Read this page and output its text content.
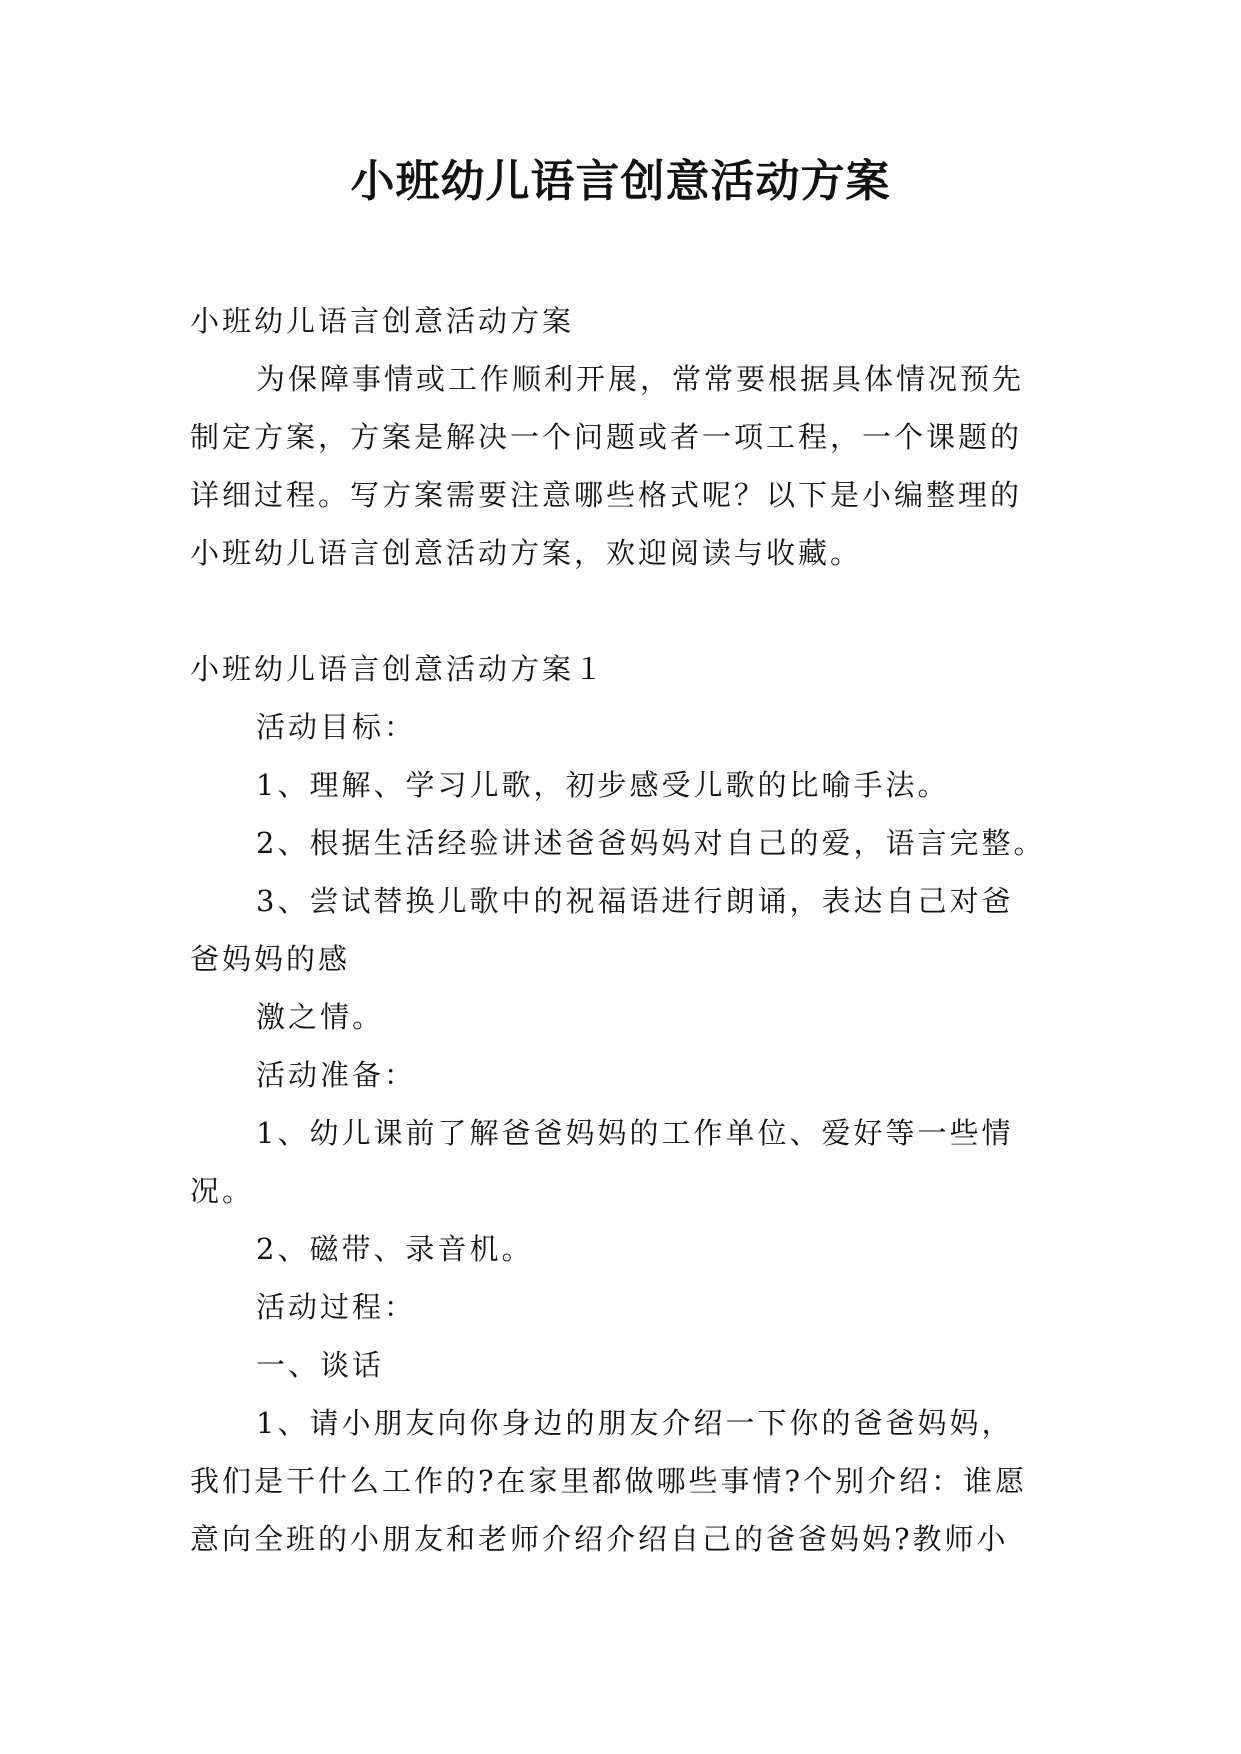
小班幼儿语言创意活动方案
小班幼儿语言创意活动方案
为保障事情或工作顺利开展，常常要根据具体情况预先
制定方案，方案是解决一个问题或者一项工程，一个课题的
详细过程。写方案需要注意哪些格式呢？以下是小编整理的
小班幼儿语言创意活动方案，欢迎阅读与收藏。
小班幼儿语言创意活动方案１
活动目标：
1、理解、学习儿歌，初步感受儿歌的比喻手法。
2、根据生活经验讲述爸爸妈妈对自己的爱，语言完整。
3、尝试替换儿歌中的祝福语进行朗诵，表达自己对爸
爸妈妈的感
激之情。
活动准备：
1、幼儿课前了解爸爸妈妈的工作单位、爱好等一些情
况。
2、磁带、录音机。
活动过程：
一、谈话
1、请小朋友向你身边的朋友介绍一下你的爸爸妈妈，
我们是干什么工作的?在家里都做哪些事情?个别介绍：谁愿
意向全班的小朋友和老师介绍介绍自己的爸爸妈妈?教师小
